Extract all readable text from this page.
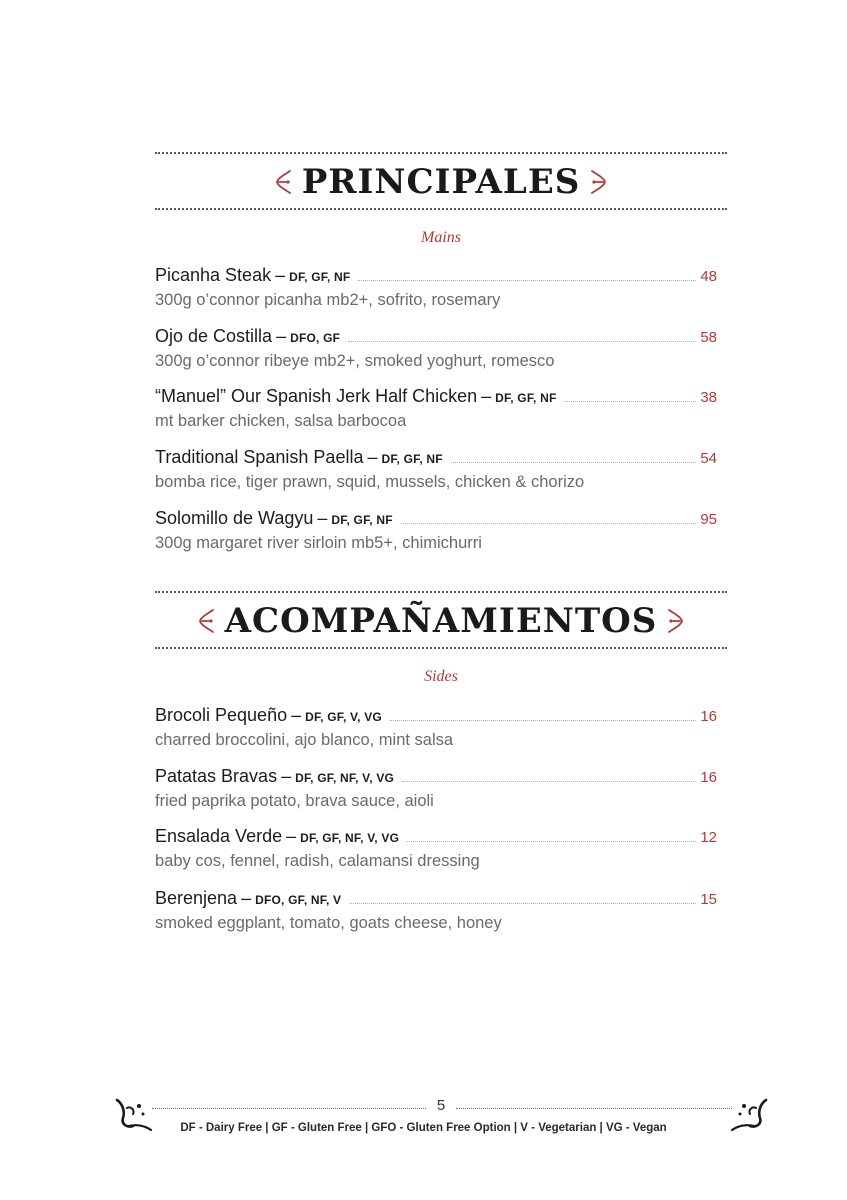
PRINCIPALES
Mains
Picanha Steak – DF, GF, NF	48
300g o’connor picanha mb2+, sofrito, rosemary
Ojo de Costilla – DFO, GF	58
300g o’connor ribeye mb2+, smoked yoghurt, romesco
“Manuel” Our Spanish Jerk Half Chicken – DF, GF, NF	38
mt barker chicken, salsa barbocoa
Traditional Spanish Paella – DF, GF, NF	54
bomba rice, tiger prawn, squid, mussels, chicken & chorizo
Solomillo de Wagyu – DF, GF, NF	95
300g margaret river sirloin mb5+, chimichurri
ACOMPAÑAMIENTOS
Sides
Brocoli Pequeño – DF, GF, V, VG	16
charred broccolini, ajo blanco, mint salsa
Patatas Bravas – DF, GF, NF, V, VG	16
fried paprika potato, brava sauce, aioli
Ensalada Verde – DF, GF, NF, V, VG	12
baby cos, fennel, radish, calamansi dressing
Berenjena – DFO, GF, NF, V	15
smoked eggplant, tomato, goats cheese, honey
5
DF - Dairy Free | GF - Gluten Free | GFO - Gluten Free Option | V - Vegetarian | VG - Vegan
